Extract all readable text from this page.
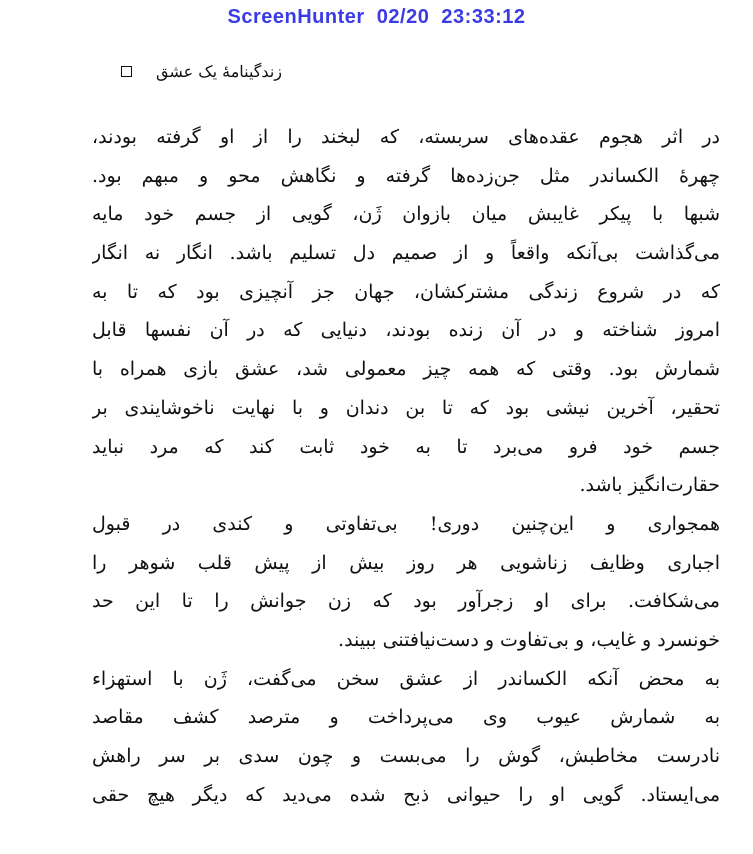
ScreenHunter  02/20  23:33:12
زندگینامهٔ یک عشق
در اثر هجوم عقده‌های سربسته، که لبخند را از او گرفته بودند،
چهرهٔ الکساندر مثل جن‌زده‌ها گرفته و نگاهش محو و مبهم بود.
شبها با پیکر غایبش میان بازوان ژَن، گویی از جسم خود مایه
می‌گذاشت بی‌آنکه واقعاً و از صمیم دل تسلیم باشد. انگار نه انگار
که در شروع زندگی مشترکشان، جهان جز آنچیزی بود که تا به
امروز شناخته و در آن زنده بودند، دنیایی که در آن نفسها قابل
شمارش بود. وقتی که همه چیز معمولی شد، عشق بازی همراه با
تحقیر، آخرین نیشی بود که تا بن دندان و با نهایت ناخوشایندی بر
جسم خود فرو می‌برد تا به خود ثابت کند که مرد نباید
حقارت‌انگیز باشد.
همجواری و این‌چنین دوری! بی‌تفاوتی و کندی در قبول
اجباری وظایف زناشویی هر روز بیش از پیش قلب شوهر را
می‌شکافت. برای او زجرآور بود که زن جوانش را تا این حد
خونسرد و غایب، و بی‌تفاوت و دست‌نیافتنی ببیند.
به محض آنکه الکساندر از عشق سخن می‌گفت، ژَن با استهزاء
به شمارش عیوب وی می‌پرداخت و مترصد کشف مقاصد
نادرست مخاطبش، گوش را می‌بست و چون سدی بر سر راهش
می‌ایستاد. گویی او را حیوانی ذبح شده می‌دید که دیگر هیچ حقی
